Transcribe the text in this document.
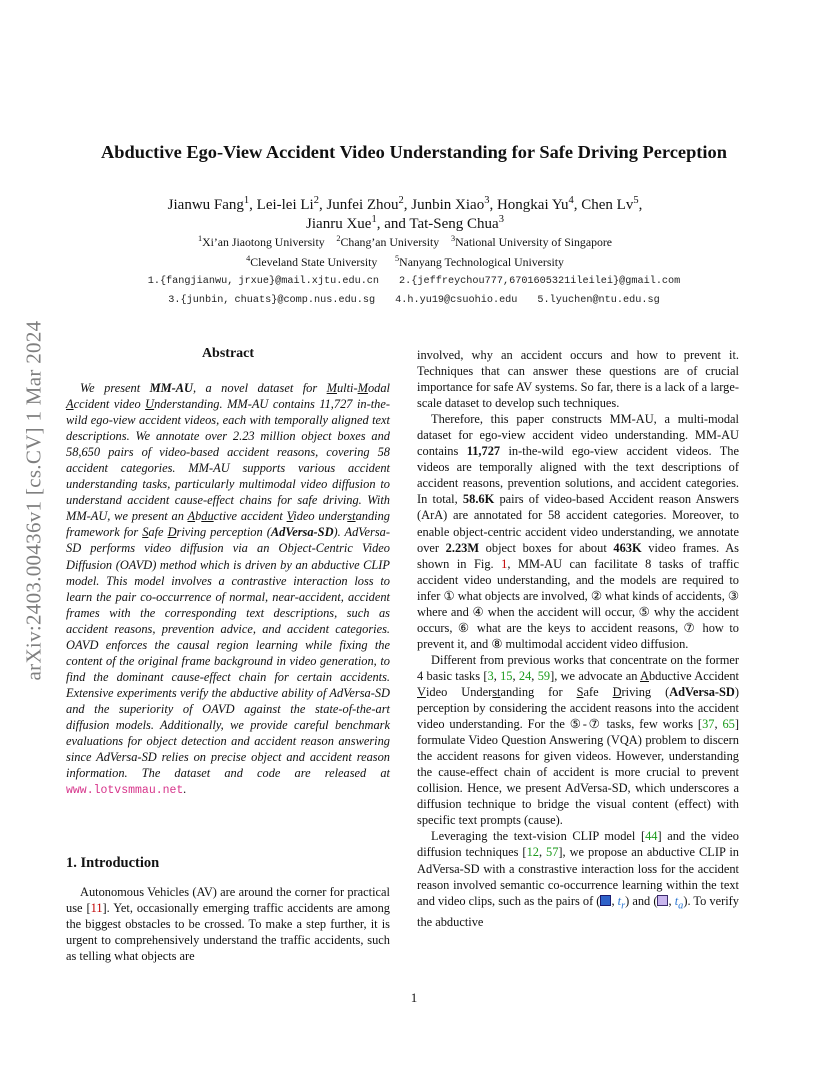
arXiv:2403.00436v1 [cs.CV] 1 Mar 2024
Abductive Ego-View Accident Video Understanding for Safe Driving Perception
Jianwu Fang$^1$, Lei-lei Li$^2$, Junfei Zhou$^2$, Junbin Xiao$^3$, Hongkai Yu$^4$, Chen Lv$^5$,
Jianru Xue$^1$, and Tat-Seng Chua$^3$
$^1$Xi’an Jiaotong University $^2$Chang’an University $^3$National University of Singapore
$^4$Cleveland State University $^5$Nanyang Technological University
1.{fangjianwu, jrxue}@mail.xjtu.edu.cn 2.{jeffreychou777,6701605321ileilei}@gmail.com
3.{junbin, chuats}@comp.nus.edu.sg 4.h.yu19@csuohio.edu 5.lyuchen@ntu.edu.sg
Abstract

We present MM-AU, a novel dataset for Multi-Modal Accident video Understanding. MM-AU contains 11,727 in-the-wild ego-view accident videos, each with temporally aligned text descriptions. We annotate over 2.23 million object boxes and 58,650 pairs of video-based accident reasons, covering 58 accident categories. MM-AU supports various accident understanding tasks, particularly multimodal video diffusion to understand accident cause-effect chains for safe driving. With MM-AU, we present an Abductive accident Video understanding framework for Safe Driving perception (AdVersa-SD). AdVersa-SD performs video diffusion via an Object-Centric Video Diffusion (OAVD) method which is driven by an abductive CLIP model. This model involves a contrastive interaction loss to learn the pair co-occurrence of normal, near-accident, accident frames with the corresponding text descriptions, such as accident reasons, prevention advice, and accident categories. OAVD enforces the causal region learning while fixing the content of the original frame background in video generation, to find the dominant cause-effect chain for certain accidents. Extensive experiments verify the abductive ability of AdVersa-SD and the superiority of OAVD against the state-of-the-art diffusion models. Additionally, we provide careful benchmark evaluations for object detection and accident reason answering since AdVersa-SD relies on precise object and accident reason information. The dataset and code are released at www.lotvsmmau.net.

1. Introduction

Autonomous Vehicles (AV) are around the corner for practical use [11]. Yet, occasionally emerging traffic accidents are among the biggest obstacles to be crossed. To make a step further, it is urgent to comprehensively understand the traffic accidents, such as telling what objects are

involved, why an accident occurs and how to prevent it. Techniques that can answer these questions are of crucial importance for safe AV systems. So far, there is a lack of a large-scale dataset to develop such techniques.

Therefore, this paper constructs MM-AU, a multi-modal dataset for ego-view accident video understanding. MM-AU contains 11,727 in-the-wild ego-view accident videos. The videos are temporally aligned with the text descriptions of accident reasons, prevention solutions, and accident categories. In total, 58.6K pairs of video-based Accident reason Answers (ArA) are annotated for 58 accident categories. Moreover, to enable object-centric accident video understanding, we annotate over 2.23M object boxes for about 463K video frames. As shown in Fig. 1, MM-AU can facilitate 8 tasks of traffic accident video understanding, and the models are required to infer ① what objects are involved, ② what kinds of accidents, ③ where and ④ when the accident will occur, ⑤ why the accident occurs, ⑥ what are the keys to accident reasons, ⑦ how to prevent it, and ⑧ multimodal accident video diffusion.

Different from previous works that concentrate on the former 4 basic tasks [3, 15, 24, 59], we advocate an Abductive Accident Video Understanding for Safe Driving (AdVersa-SD) perception by considering the accident reasons into the accident video understanding. For the ⑤-⑦ tasks, few works [37, 65] formulate Video Question Answering (VQA) problem to discern the accident reasons for given videos. However, understanding the cause-effect chain of accident is more crucial to prevent collision. Hence, we present AdVersa-SD, which underscores a diffusion technique to bridge the visual content (effect) with specific text prompts (cause).

Leveraging the text-vision CLIP model [44] and the video diffusion techniques [12, 57], we propose an abductive CLIP in AdVersa-SD with a constrastive interaction loss for the accident reason involved semantic co-occurrence learning within the text and video clips, such as the pairs of ( , $t_r$) and ( , $t_a$). To verify the abductive

1
